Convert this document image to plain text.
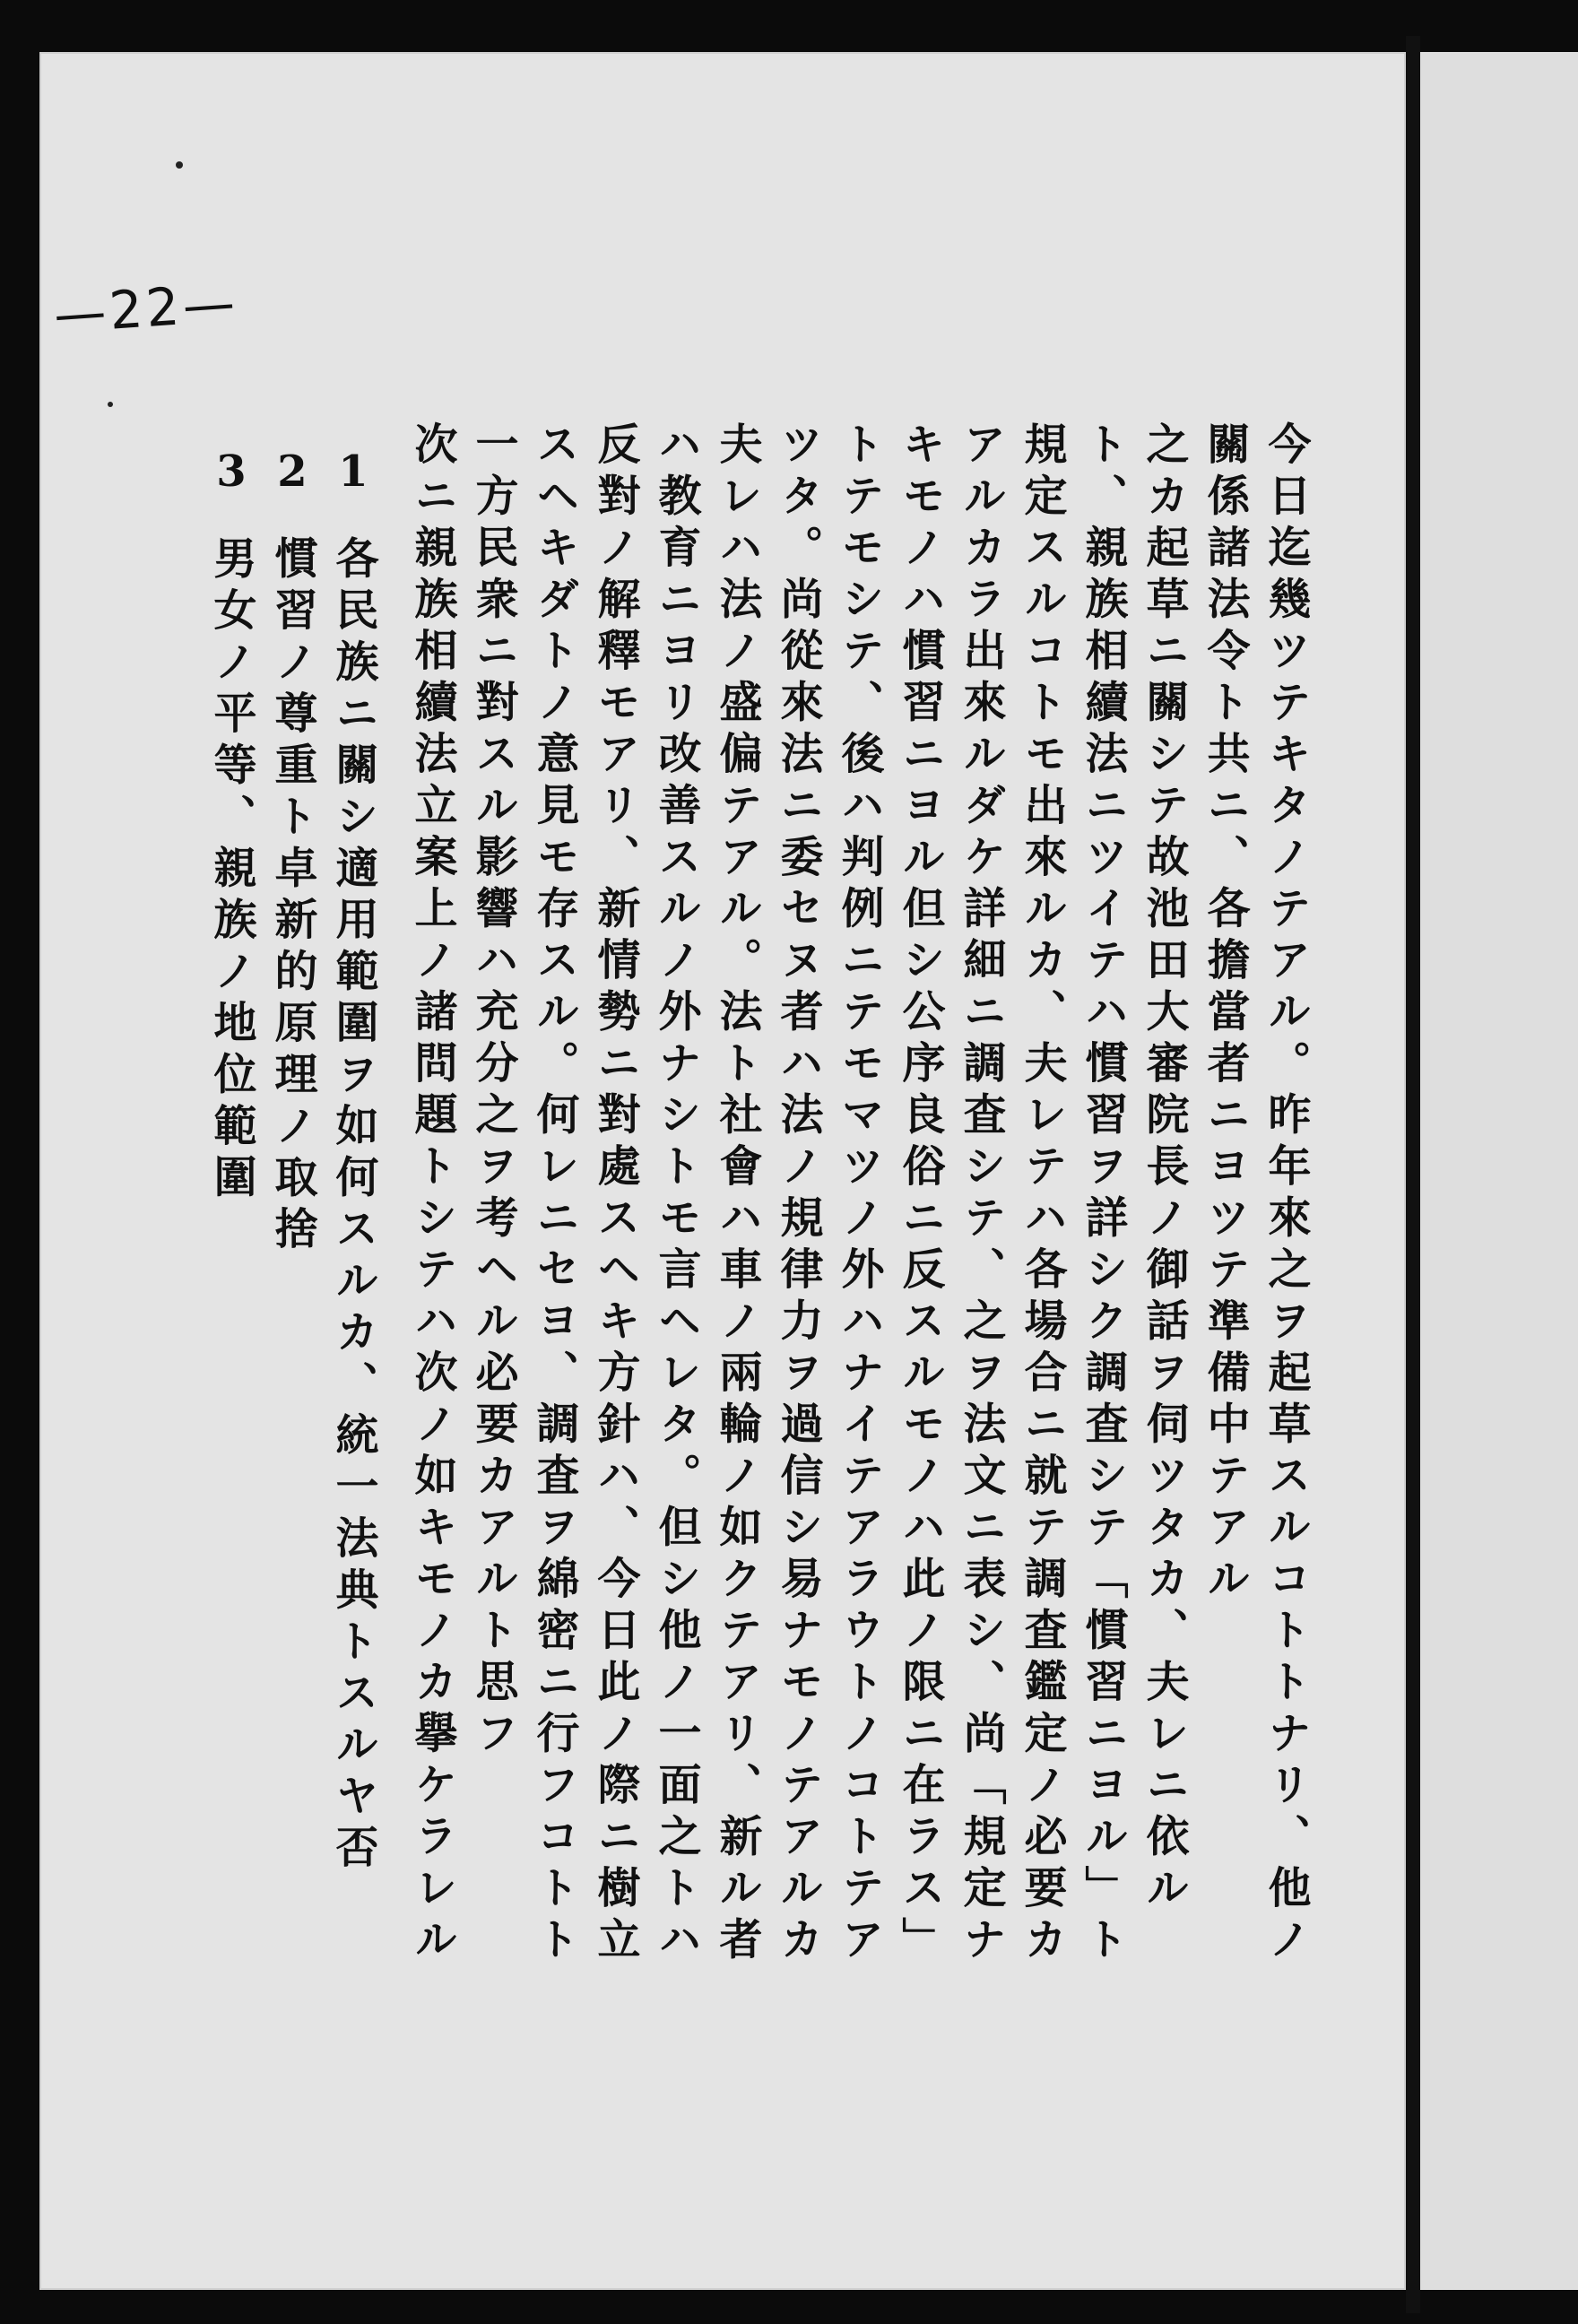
—22—
今日迄幾ツテキタノテアル。昨年來之ヲ起草スルコトトナリ、他ノ
關係諸法令ト共ニ、各擔當者ニヨツテ準備中テアル
之カ起草ニ關シテ故池田大審院長ノ御話ヲ伺ツタカ、夫レニ依ル
ト、親族相續法ニツイテハ慣習ヲ詳シク調査シテ「慣習ニヨル」ト
規定スルコトモ出來ルカ、夫レテハ各場合ニ就テ調査鑑定ノ必要カ
アルカラ出來ルダケ詳細ニ調査シテ、之ヲ法文ニ表シ、尚「規定ナ
キモノハ慣習ニヨル但シ公序良俗ニ反スルモノハ此ノ限ニ在ラス」
トテモシテ、後ハ判例ニテモマツノ外ハナイテアラウトノコトテア
ツタ。尚從來法ニ委セヌ者ハ法ノ規律力ヲ過信シ易ナモノテアルカ
夫レハ法ノ盛偏テアル。法ト社會ハ車ノ兩輪ノ如クテアリ、新ル者
ハ教育ニヨリ改善スルノ外ナシトモ言ヘレタ。但シ他ノ一面之トハ
反對ノ解釋モアリ、新情勢ニ對處スヘキ方針ハ、今日此ノ際ニ樹立
スヘキダトノ意見モ存スル。何レニセヨ、調査ヲ綿密ニ行フコトト
一方民衆ニ對スル影響ハ充分之ヲ考ヘル必要カアルト思フ
次ニ親族相續法立案上ノ諸問題トシテハ次ノ如キモノカ擧ケラレル
1各民族ニ關シ適用範圍ヲ如何スルカ、統一法典トスルヤ否
2慣習ノ尊重ト卓新的原理ノ取捨
3男女ノ平等、親族ノ地位範圍
